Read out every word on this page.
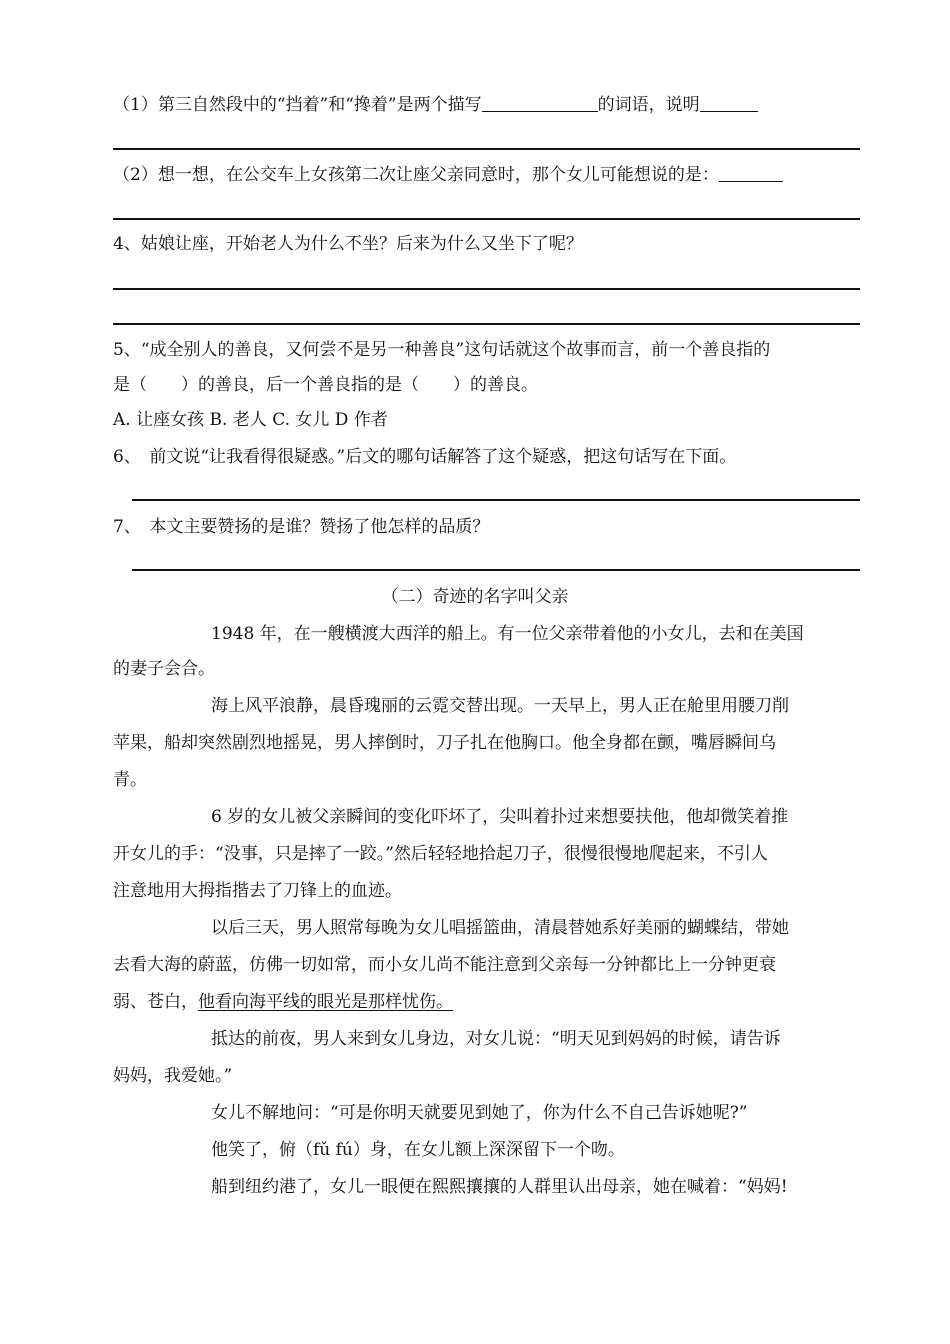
（1）第三自然段中的“挡着”和“搀着”是两个描写	的词语，说明
（2）想一想，在公交车上女孩第二次让座父亲同意时，那个女儿可能想说的是：
4、姑娘让座，开始老人为什么不坐？后来为什么又坐下了呢？
5、“成全别人的善良，又何尝不是另一种善良”这句话就这个故事而言，前一个善良指的
是（　　）的善良，后一个善良指的是（　　）的善良。
A. 让座女孩 B. 老人 C. 女儿 D 作者
6、　前文说“让我看得很疑惑。”后文的哪句话解答了这个疑惑，把这句话写在下面。
7、　本文主要赞扬的是谁？赞扬了他怎样的品质？
（二）奇迹的名字叫父亲
1948 年，在一艘横渡大西洋的船上。有一位父亲带着他的小女儿，去和在美国
的妻子会合。
海上风平浪静，晨昏瑰丽的云霓交替出现。一天早上，男人正在舱里用腰刀削
苹果，船却突然剧烈地摇晃，男人摔倒时，刀子扎在他胸口。他全身都在颤，嘴唇瞬间乌
青。
6 岁的女儿被父亲瞬间的变化吓坏了，尖叫着扑过来想要扶他，他却微笑着推
开女儿的手：“没事，只是摔了一跤。”然后轻轻地拾起刀子，很慢很慢地爬起来，不引人
注意地用大拇指揩去了刀锋上的血迹。
以后三天，男人照常每晚为女儿唱摇篮曲，清晨替她系好美丽的蝴蝶结，带她
去看大海的蔚蓝，仿佛一切如常，而小女儿尚不能注意到父亲每一分钟都比上一分钟更衰
弱、苍白，他看向海平线的眼光是那样忧伤。
抵达的前夜，男人来到女儿身边，对女儿说：“明天见到妈妈的时候，请告诉
妈妈，我爱她。”
女儿不解地问：“可是你明天就要见到她了，你为什么不自己告诉她呢?”
他笑了，俯（fǔ fú）身，在女儿额上深深留下一个吻。
船到纽约港了，女儿一眼便在熙熙攘攘的人群里认出母亲，她在喊着：“妈妈!
